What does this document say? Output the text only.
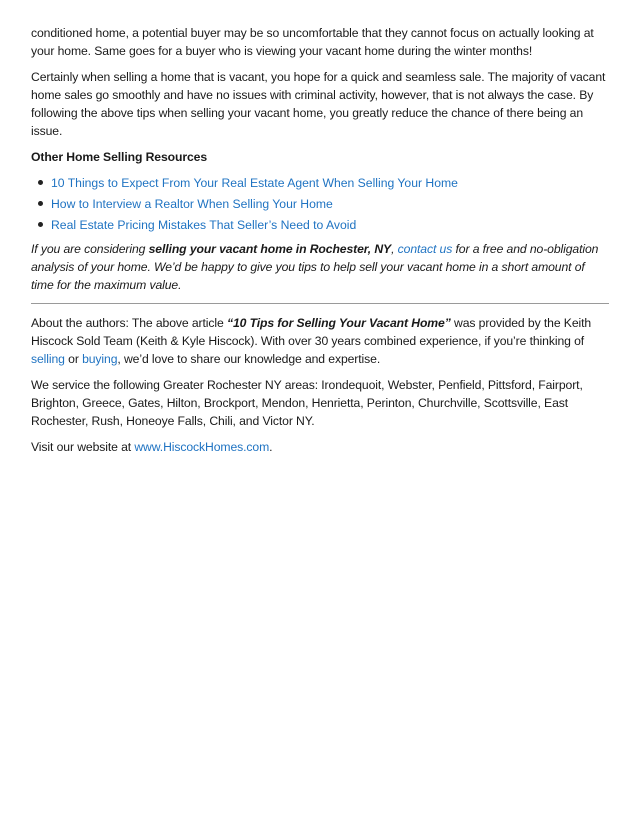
conditioned home, a potential buyer may be so uncomfortable that they cannot focus on actually looking at your home. Same goes for a buyer who is viewing your vacant home during the winter months!

Certainly when selling a home that is vacant, you hope for a quick and seamless sale. The majority of vacant home sales go smoothly and have no issues with criminal activity, however, that is not always the case. By following the above tips when selling your vacant home, you greatly reduce the chance of there being an issue.

Other Home Selling Resources

10 Things to Expect From Your Real Estate Agent When Selling Your Home
How to Interview a Realtor When Selling Your Home
Real Estate Pricing Mistakes That Seller’s Need to Avoid

If you are considering selling your vacant home in Rochester, NY, contact us for a free and no-obligation analysis of your home. We’d be happy to give you tips to help sell your vacant home in a short amount of time for the maximum value.

About the authors: The above article “10 Tips for Selling Your Vacant Home” was provided by the Keith Hiscock Sold Team (Keith & Kyle Hiscock). With over 30 years combined experience, if you’re thinking of selling or buying, we’d love to share our knowledge and expertise.

We service the following Greater Rochester NY areas: Irondequoit, Webster, Penfield, Pittsford, Fairport, Brighton, Greece, Gates, Hilton, Brockport, Mendon, Henrietta, Perinton, Churchville, Scottsville, East Rochester, Rush, Honeoye Falls, Chili, and Victor NY.

Visit our website at www.HiscockHomes.com.
